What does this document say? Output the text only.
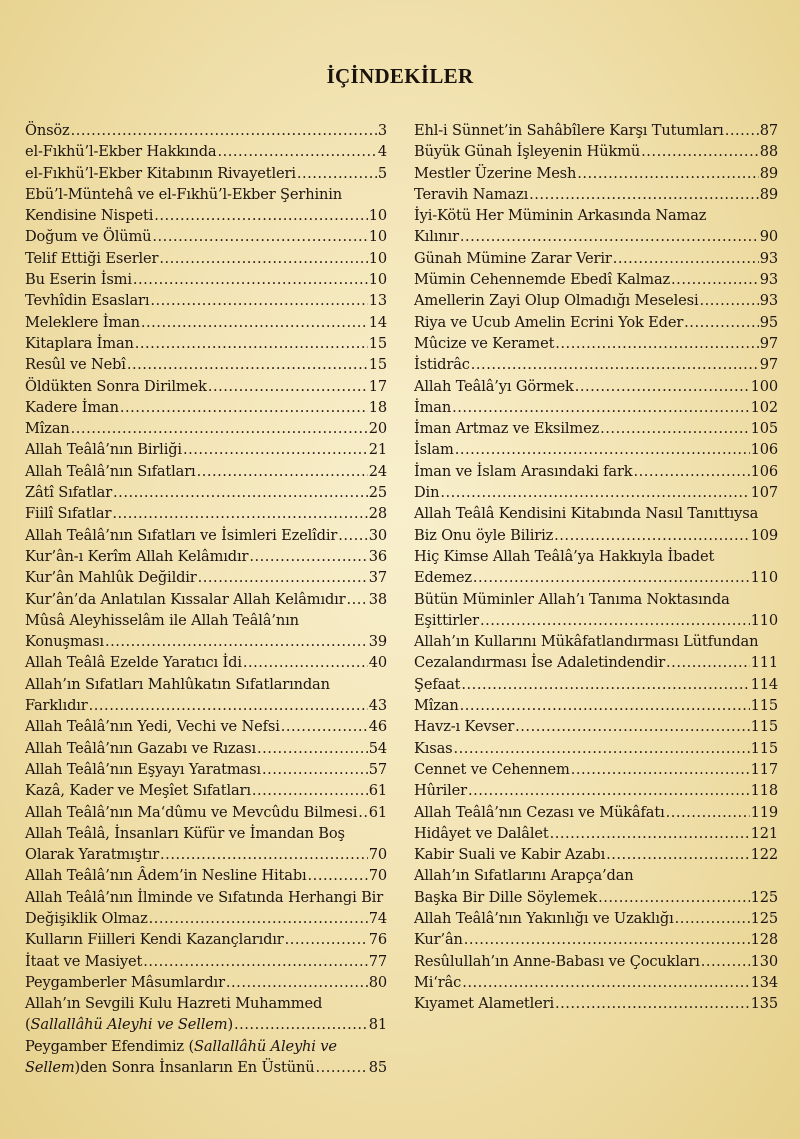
İÇİNDEKİLER
Önsöz .....	3
el-Fıkhü’l-Ekber Hakkında .....	4
el-Fıkhü’l-Ekber Kitabının Rivayetleri .....	5
Ebü’l-Müntehâ ve el-Fıkhü’l-Ekber Şerhinin
Kendisine Nispeti .....	10
Doğum ve Ölümü .....	10
Telif Ettiği Eserler .....	10
Bu Eserin İsmi .....	10
Tevhîdin Esasları .....	13
Meleklere İman .....	14
Kitaplara İman .....	15
Resûl ve Nebî .....	15
Öldükten Sonra Dirilmek .....	17
Kadere İman .....	18
Mîzan .....	20
Allah Teâlâ’nın Birliği .....	21
Allah Teâlâ’nın Sıfatları .....	24
Zâtî Sıfatlar .....	25
Fiilî Sıfatlar .....	28
Allah Teâlâ’nın Sıfatları ve İsimleri Ezelîdir ..... 30
Kur’ân-ı Kerîm Allah Kelâmıdır .....	36
Kur’ân Mahlûk Değildir .....	37
Kur’ân’da Anlatılan Kıssalar Allah Kelâmıdır ..... 38
Mûsâ Aleyhisselâm ile Allah Teâlâ’nın
Konuşması .....	39
Allah Teâlâ Ezelde Yaratıcı İdi .....	40
Allah’ın Sıfatları Mahlûkatın Sıfatlarından
Farklıdır .....	43
Allah Teâlâ’nın Yedi, Vechi ve Nefsi .....	46
Allah Teâlâ’nın Gazabı ve Rızası .....	54
Allah Teâlâ’nın Eşyayı Yaratması .....	57
Kazâ, Kader ve Meşîet Sıfatları .....	61
Allah Teâlâ’nın Ma‘dûmu ve Mevcûdu Bilmesi ..... 61
Allah Teâlâ, İnsanları Küfür ve İmandan Boş
Olarak Yaratmıştır .....	70
Allah Teâlâ’nın Âdem’in Nesline Hitabı .....	70
Allah Teâlâ’nın İlminde ve Sıfatında Herhangi Bir
Değişiklik Olmaz .....	74
Kulların Fiilleri Kendi Kazançlarıdır .....	76
İtaat ve Masiyet .....	77
Peygamberler Mâsumlardır .....	80
Allah’ın Sevgili Kulu Hazreti Muhammed
(Sallallâhü Aleyhi ve Sellem) .....	81
Peygamber Efendimiz (Sallallâhü Aleyhi ve
Sellem)den Sonra İnsanların En Üstünü .....	85
Ehl-i Sünnet’in Sahâbîlere Karşı Tutumları ..... 87
Büyük Günah İşleyenin Hükmü .....	88
Mestler Üzerine Mesh .....	89
Teravih Namazı .....	89
İyi-Kötü Her Müminin Arkasında Namaz
Kılınır .....	90
Günah Mümine Zarar Verir .....	93
Mümin Cehennemde Ebedî Kalmaz .....	93
Amellerin Zayi Olup Olmadığı Meselesi .....	93
Riya ve Ucub Amelin Ecrini Yok Eder .....	95
Mûcize ve Keramet .....	97
İstidrâc .....	97
Allah Teâlâ’yı Görmek .....	100
İman .....	102
İman Artmaz ve Eksilmez .....	105
İslam .....	106
İman ve İslam Arasındaki fark .....	106
Din .....	107
Allah Teâlâ Kendisini Kitabında Nasıl Tanıttıysa
Biz Onu öyle Biliriz .....	109
Hiç Kimse Allah Teâlâ’ya Hakkıyla İbadet
Edemez .....	110
Bütün Müminler Allah’ı Tanıma Noktasında
Eşittirler .....	110
Allah’ın Kullarını Mükâfatlandırması Lütfundan
Cezalandırması İse Adaletindendir .....	111
Şefaat .....	114
Mîzan .....	115
Havz-ı Kevser .....	115
Kısas .....	115
Cennet ve Cehennem .....	117
Hûriler .....	118
Allah Teâlâ’nın Cezası ve Mükâfatı .....	119
Hidâyet ve Dalâlet .....	121
Kabir Suali ve Kabir Azabı .....	122
Allah’ın Sıfatlarını Arapça’dan
Başka Bir Dille Söylemek .....	125
Allah Teâlâ’nın Yakınlığı ve Uzaklığı .....	125
Kur’ân .....	128
Resûlullah’ın Anne-Babası ve Çocukları .....	130
Mi‘râc .....	134
Kıyamet Alametleri .....	135
